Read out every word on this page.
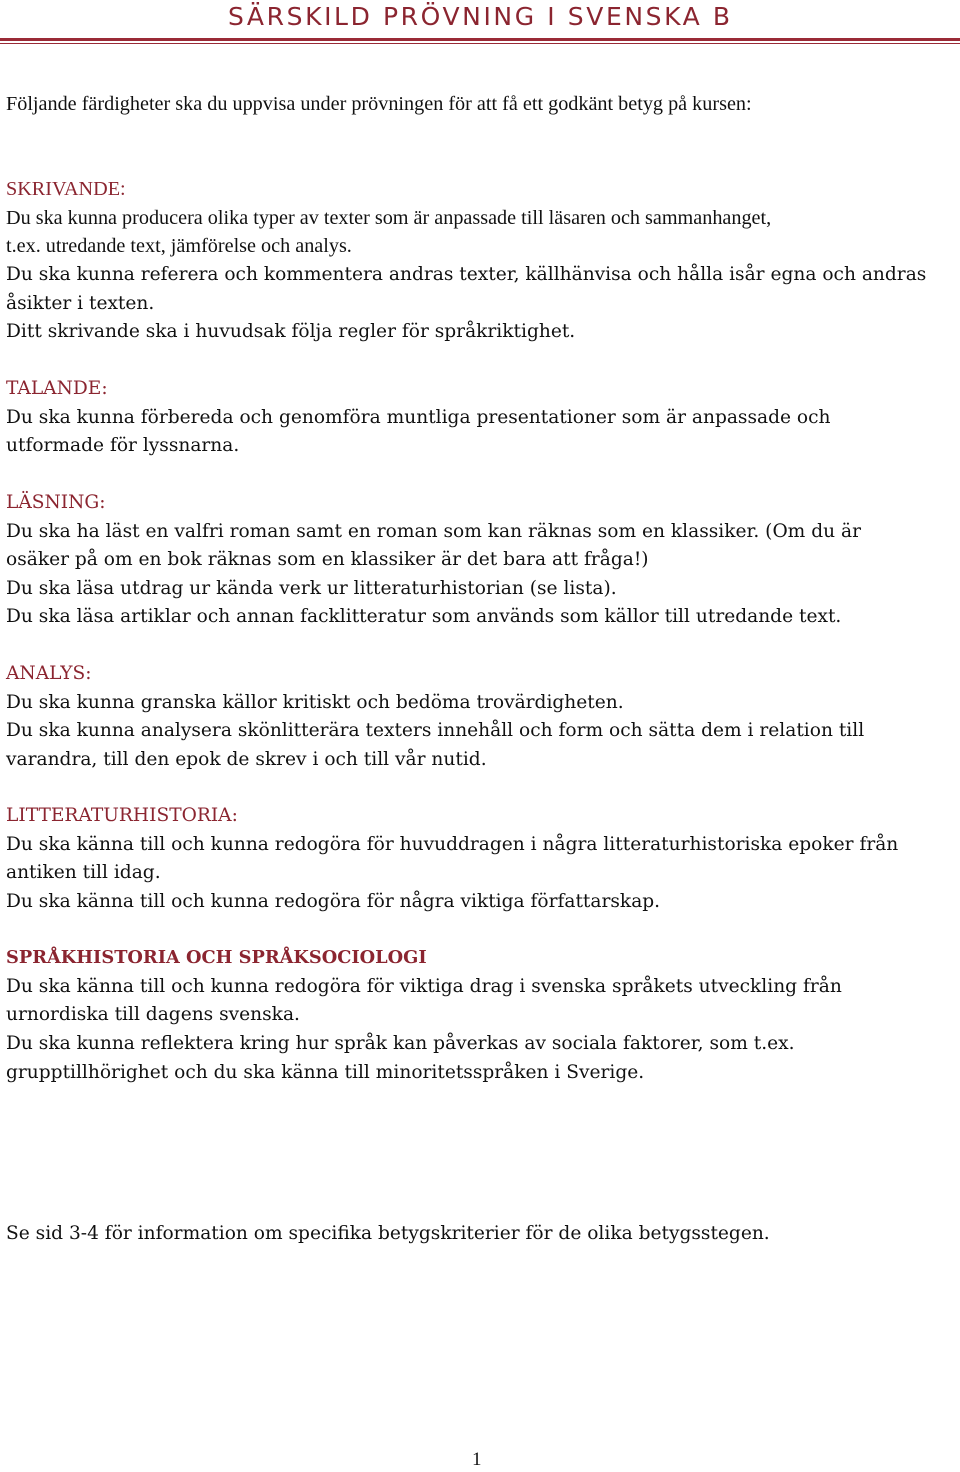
SÄRSKILD PRÖVNING I SVENSKA B
Följande färdigheter ska du uppvisa under prövningen för att få ett godkänt betyg på kursen:
SKRIVANDE:
Du ska kunna producera olika typer av texter som är anpassade till läsaren och sammanhanget,
t.ex. utredande text, jämförelse och analys.
Du ska kunna referera och kommentera andras texter, källhänvisa och hålla isår egna och andras
åsikter i texten.
Ditt skrivande ska i huvudsak följa regler för språkriktighet.
TALANDE:
Du ska kunna förbereda och genomföra muntliga presentationer som är anpassade och
utformade för lyssnarna.
LÄSNING:
Du ska ha läst en valfri roman samt en roman som kan räknas som en klassiker. (Om du är
osäker på om en bok räknas som en klassiker är det bara att fråga!)
Du ska läsa utdrag ur kända verk ur litteraturhistorian (se lista).
Du ska läsa artiklar och annan facklitteratur som används som källor till utredande text.
ANALYS:
Du ska kunna granska källor kritiskt och bedöma trovärdigheten.
Du ska kunna analysera skönlitterära texters innehåll och form och sätta dem i relation till
varandra, till den epok de skrev i och till vår nutid.
LITTERATURHISTORIA:
Du ska känna till och kunna redogöra för huvuddragen i några litteraturhistoriska epoker från
antiken till idag.
Du ska känna till och kunna redogöra för några viktiga författarskap.
SPRÅKHISTORIA OCH SPRÅKSOCIOLOGI
Du ska känna till och kunna redogöra för viktiga drag i svenska språkets utveckling från
urnordiska till dagens svenska.
Du ska kunna reflektera kring hur språk kan påverkas av sociala faktorer, som t.ex.
grupptillhörighet och du ska känna till minoritetsspråken i Sverige.
Se sid 3-4 för information om specifika betygskriterier för de olika betygsstegen.
1
